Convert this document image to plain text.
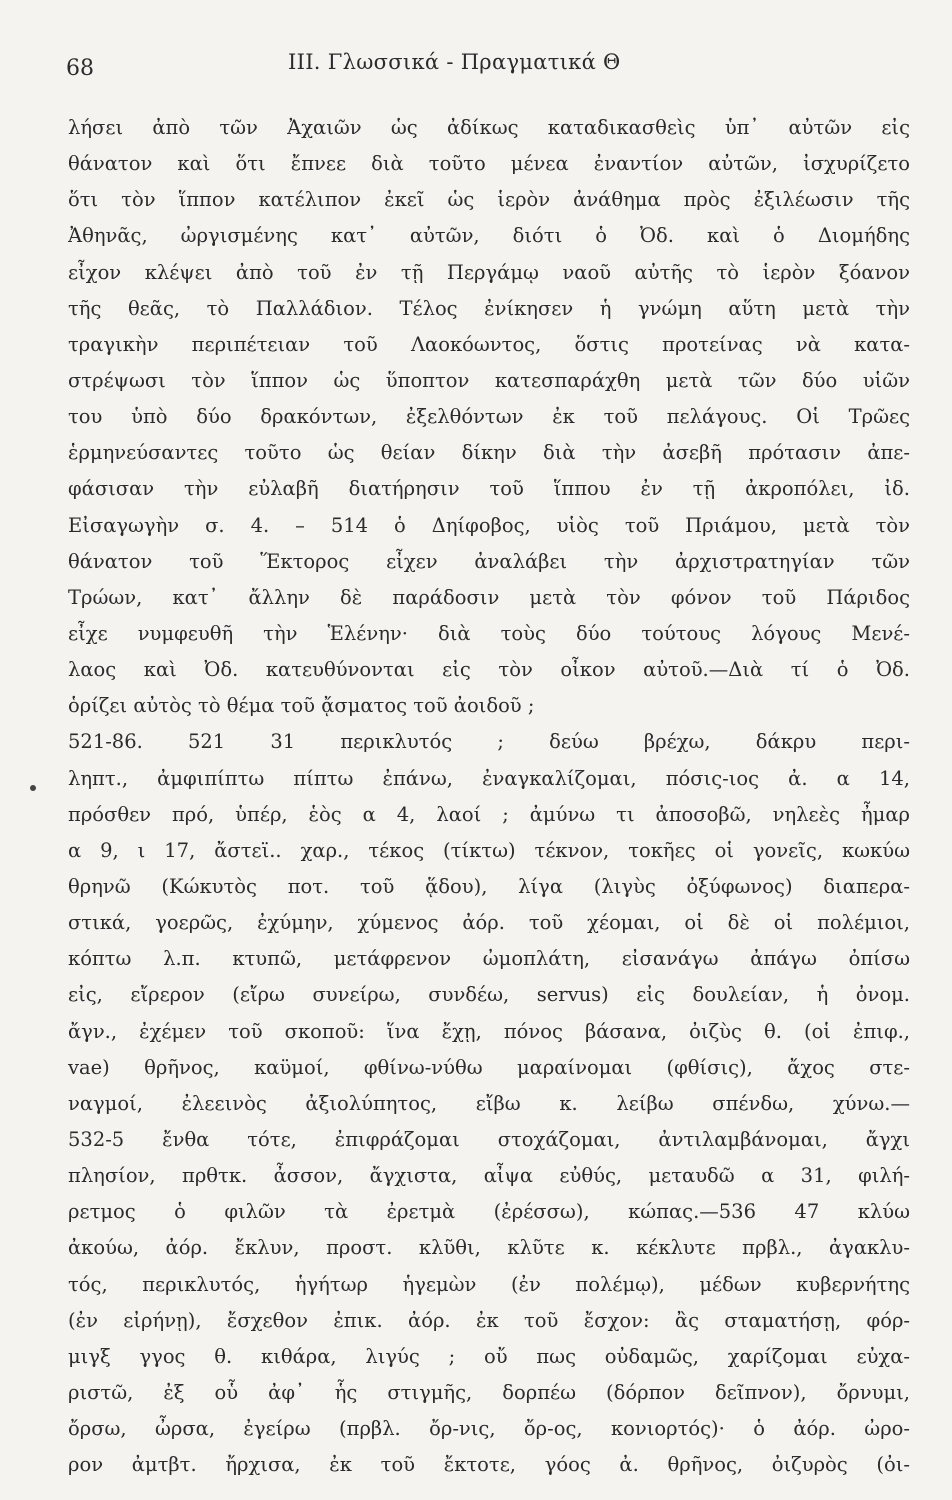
68	III. Γλωσσικά - Πραγματικά Θ
λήσει ἀπὸ τῶν Ἀχαιῶν ὡς ἀδίκως καταδικασθεὶς ὑπ᾽ αὐτῶν εἰς
θάνατον καὶ ὅτι ἔπνεε διὰ τοῦτο μένεα ἐναντίον αὐτῶν, ἰσχυρίζετο
ὅτι τὸν ἵππον κατέλιπον ἐκεῖ ὡς ἱερὸν ἀνάθημα πρὸς ἐξιλέωσιν τῆς
Ἀθηνᾶς, ὠργισμένης κατ᾽ αὐτῶν, διότι ὁ Ὀδ. καὶ ὁ Διομήδης
εἶχον κλέψει ἀπὸ τοῦ ἐν τῇ Περγάμῳ ναοῦ αὐτῆς τὸ ἱερὸν ξόανον
τῆς θεᾶς, τὸ Παλλάδιον. Τέλος ἐνίκησεν ἡ γνώμη αὕτη μετὰ τὴν
τραγικὴν περιπέτειαν τοῦ Λαοκόωντος, ὅστις προτείνας νὰ κατα-
στρέψωσι τὸν ἵππον ὡς ὕποπτον κατεσπαράχθη μετὰ τῶν δύο υἱῶν
του ὑπὸ δύο δρακόντων, ἐξελθόντων ἐκ τοῦ πελάγους. Οἱ Τρῶες
ἑρμηνεύσαντες τοῦτο ὡς θείαν δίκην διὰ τὴν ἀσεβῆ πρότασιν ἀπε-
φάσισαν τὴν εὐλαβῆ διατήρησιν τοῦ ἵππου ἐν τῇ ἀκροπόλει, ἰδ.
Εἰσαγωγὴν σ. 4. – 514 ὁ Δηίφοβος, υἱὸς τοῦ Πριάμου, μετὰ τὸν
θάνατον τοῦ Ἕκτορος εἶχεν ἀναλάβει τὴν ἀρχιστρατηγίαν τῶν
Τρώων, κατ᾽ ἄλλην δὲ παράδοσιν μετὰ τὸν φόνον τοῦ Πάριδος
εἶχε νυμφευθῆ τὴν Ἑλένην· διὰ τοὺς δύο τούτους λόγους Μενέ-
λαος καὶ Ὀδ. κατευθύνονται εἰς τὸν οἶκον αὐτοῦ.—Διὰ τί ὁ Ὀδ.
ὁρίζει αὐτὸς τὸ θέμα τοῦ ᾄσματος τοῦ ἀοιδοῦ ;
521-86. 521 31 περικλυτός ; δεύω βρέχω, δάκρυ περι-
ληπτ., ἀμφιπίπτω πίπτω ἐπάνω, ἐναγκαλίζομαι, πόσις-ιος ἀ. α 14,
πρόσθεν πρό, ὑπέρ, ἑὸς α 4, λαοί ; ἀμύνω τι ἀποσοβῶ, νηλεὲς ἦμαρ
α 9, ι 17, ἄστεϊ.. χαρ., τέκος (τίκτω) τέκνον, τοκῆες οἱ γονεῖς, κωκύω
θρηνῶ (Κώκυτὸς ποτ. τοῦ ᾅδου), λίγα (λιγὺς ὀξύφωνος) διαπερα-
στικά, γοερῶς, ἐχύμην, χύμενος ἀόρ. τοῦ χέομαι, οἱ δὲ οἱ πολέμιοι,
κόπτω λ.π. κτυπῶ, μετάφρενον ὠμοπλάτη, εἰσανάγω ἀπάγω ὀπίσω
εἰς, εἴρερον (εἴρω συνείρω, συνδέω, servus) εἰς δουλείαν, ἡ ὀνομ.
ἄγν., ἐχέμεν τοῦ σκοποῦ: ἵνα ἔχῃ, πόνος βάσανα, ὀιζὺς θ. (οἱ ἐπιφ.,
vae) θρῆνος, καϋμοί, φθίνω-νύθω μαραίνομαι (φθίσις), ἄχος στε-
ναγμοί, ἐλεεινὸς ἀξιολύπητος, εἴβω κ. λείβω σπένδω, χύνω.—
532-5 ἔνθα τότε, ἐπιφράζομαι στοχάζομαι, ἀντιλαμβάνομαι, ἄγχι
πλησίον, πρθτκ. ἆσσον, ἄγχιστα, αἶψα εὐθύς, μεταυδῶ α 31, φιλή-
ρετμος ὁ φιλῶν τὰ ἐρετμὰ (ἐρέσσω), κώπας.—536 47 κλύω
ἀκούω, ἀόρ. ἔκλυν, προστ. κλῦθι, κλῦτε κ. κέκλυτε πρβλ., ἀγακλυ-
τός, περικλυτός, ἡγήτωρ ἡγεμὼν (ἐν πολέμῳ), μέδων κυβερνήτης
(ἐν εἰρήνῃ), ἔσχεθον ἐπικ. ἀόρ. ἐκ τοῦ ἔσχον: ἂς σταματήσῃ, φόρ-
μιγξ γγος θ. κιθάρα, λιγύς ; οὔ πως οὐδαμῶς, χαρίζομαι εὐχα-
ριστῶ, ἐξ οὗ ἀφ᾽ ἧς στιγμῆς, δορπέω (δόρπον δεῖπνον), ὄρνυμι,
ὄρσω, ὦρσα, ἐγείρω (πρβλ. ὄρ-νις, ὄρ-ος, κονιορτός)· ὁ ἀόρ. ὠρο-
ρον ἀμτβτ. ἤρχισα, ἐκ τοῦ ἔκτοτε, γόος ἀ. θρῆνος, ὀιζυρὸς (ὀι-
